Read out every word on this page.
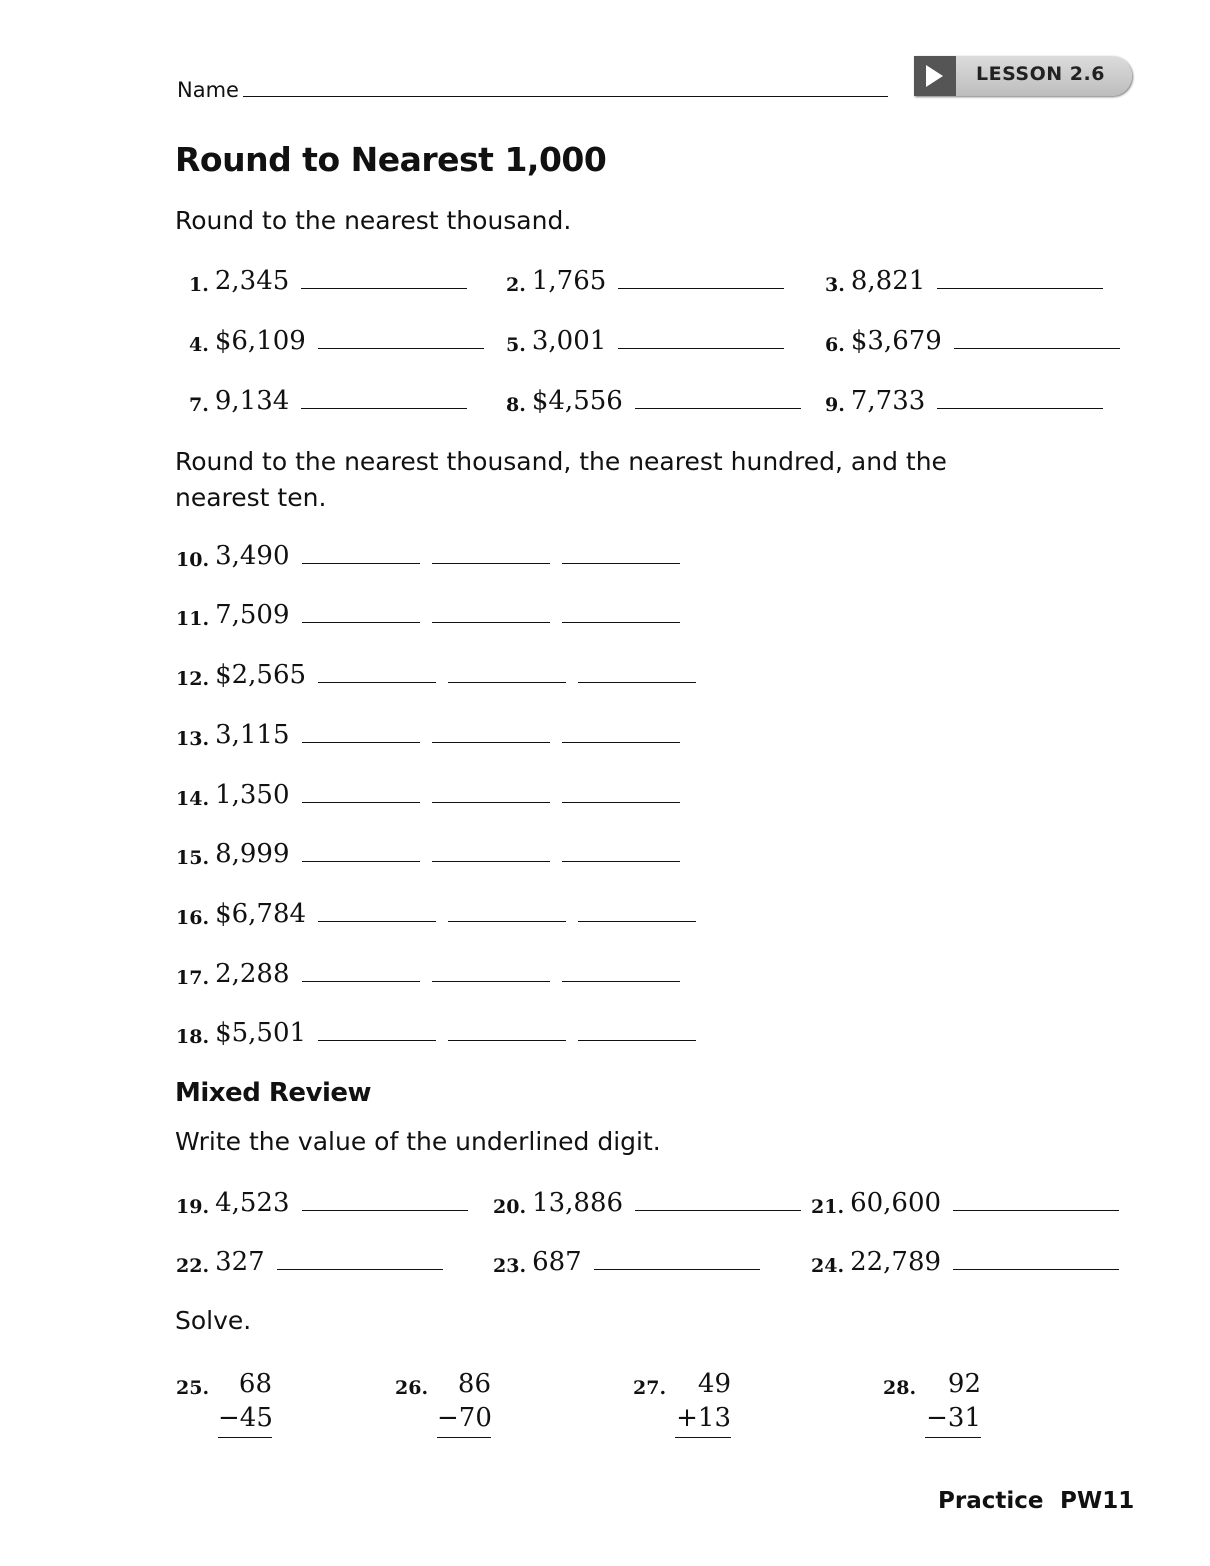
Name
LESSON 2.6
Round to Nearest 1,000
Round to the nearest thousand.
1. 2,345	2. 1,765	3. 8,821
4. $6,109	5. 3,001	6. $3,679
7. 9,134	8. $4,556	9. 7,733
Round to the nearest thousand, the nearest hundred, and the nearest ten.
10. 3,490
11. 7,509
12. $2,565
13. 3,115
14. 1,350
15. 8,999
16. $6,784
17. 2,288
18. $5,501
Mixed Review
Write the value of the underlined digit.
19. 4,523	20. 13,886	21. 60,600
22. 327	23. 687	24. 22,789
Solve.
25.	68
−45
26.	86
−70
27.	49
+13
28.	92
−31
Practice PW11
